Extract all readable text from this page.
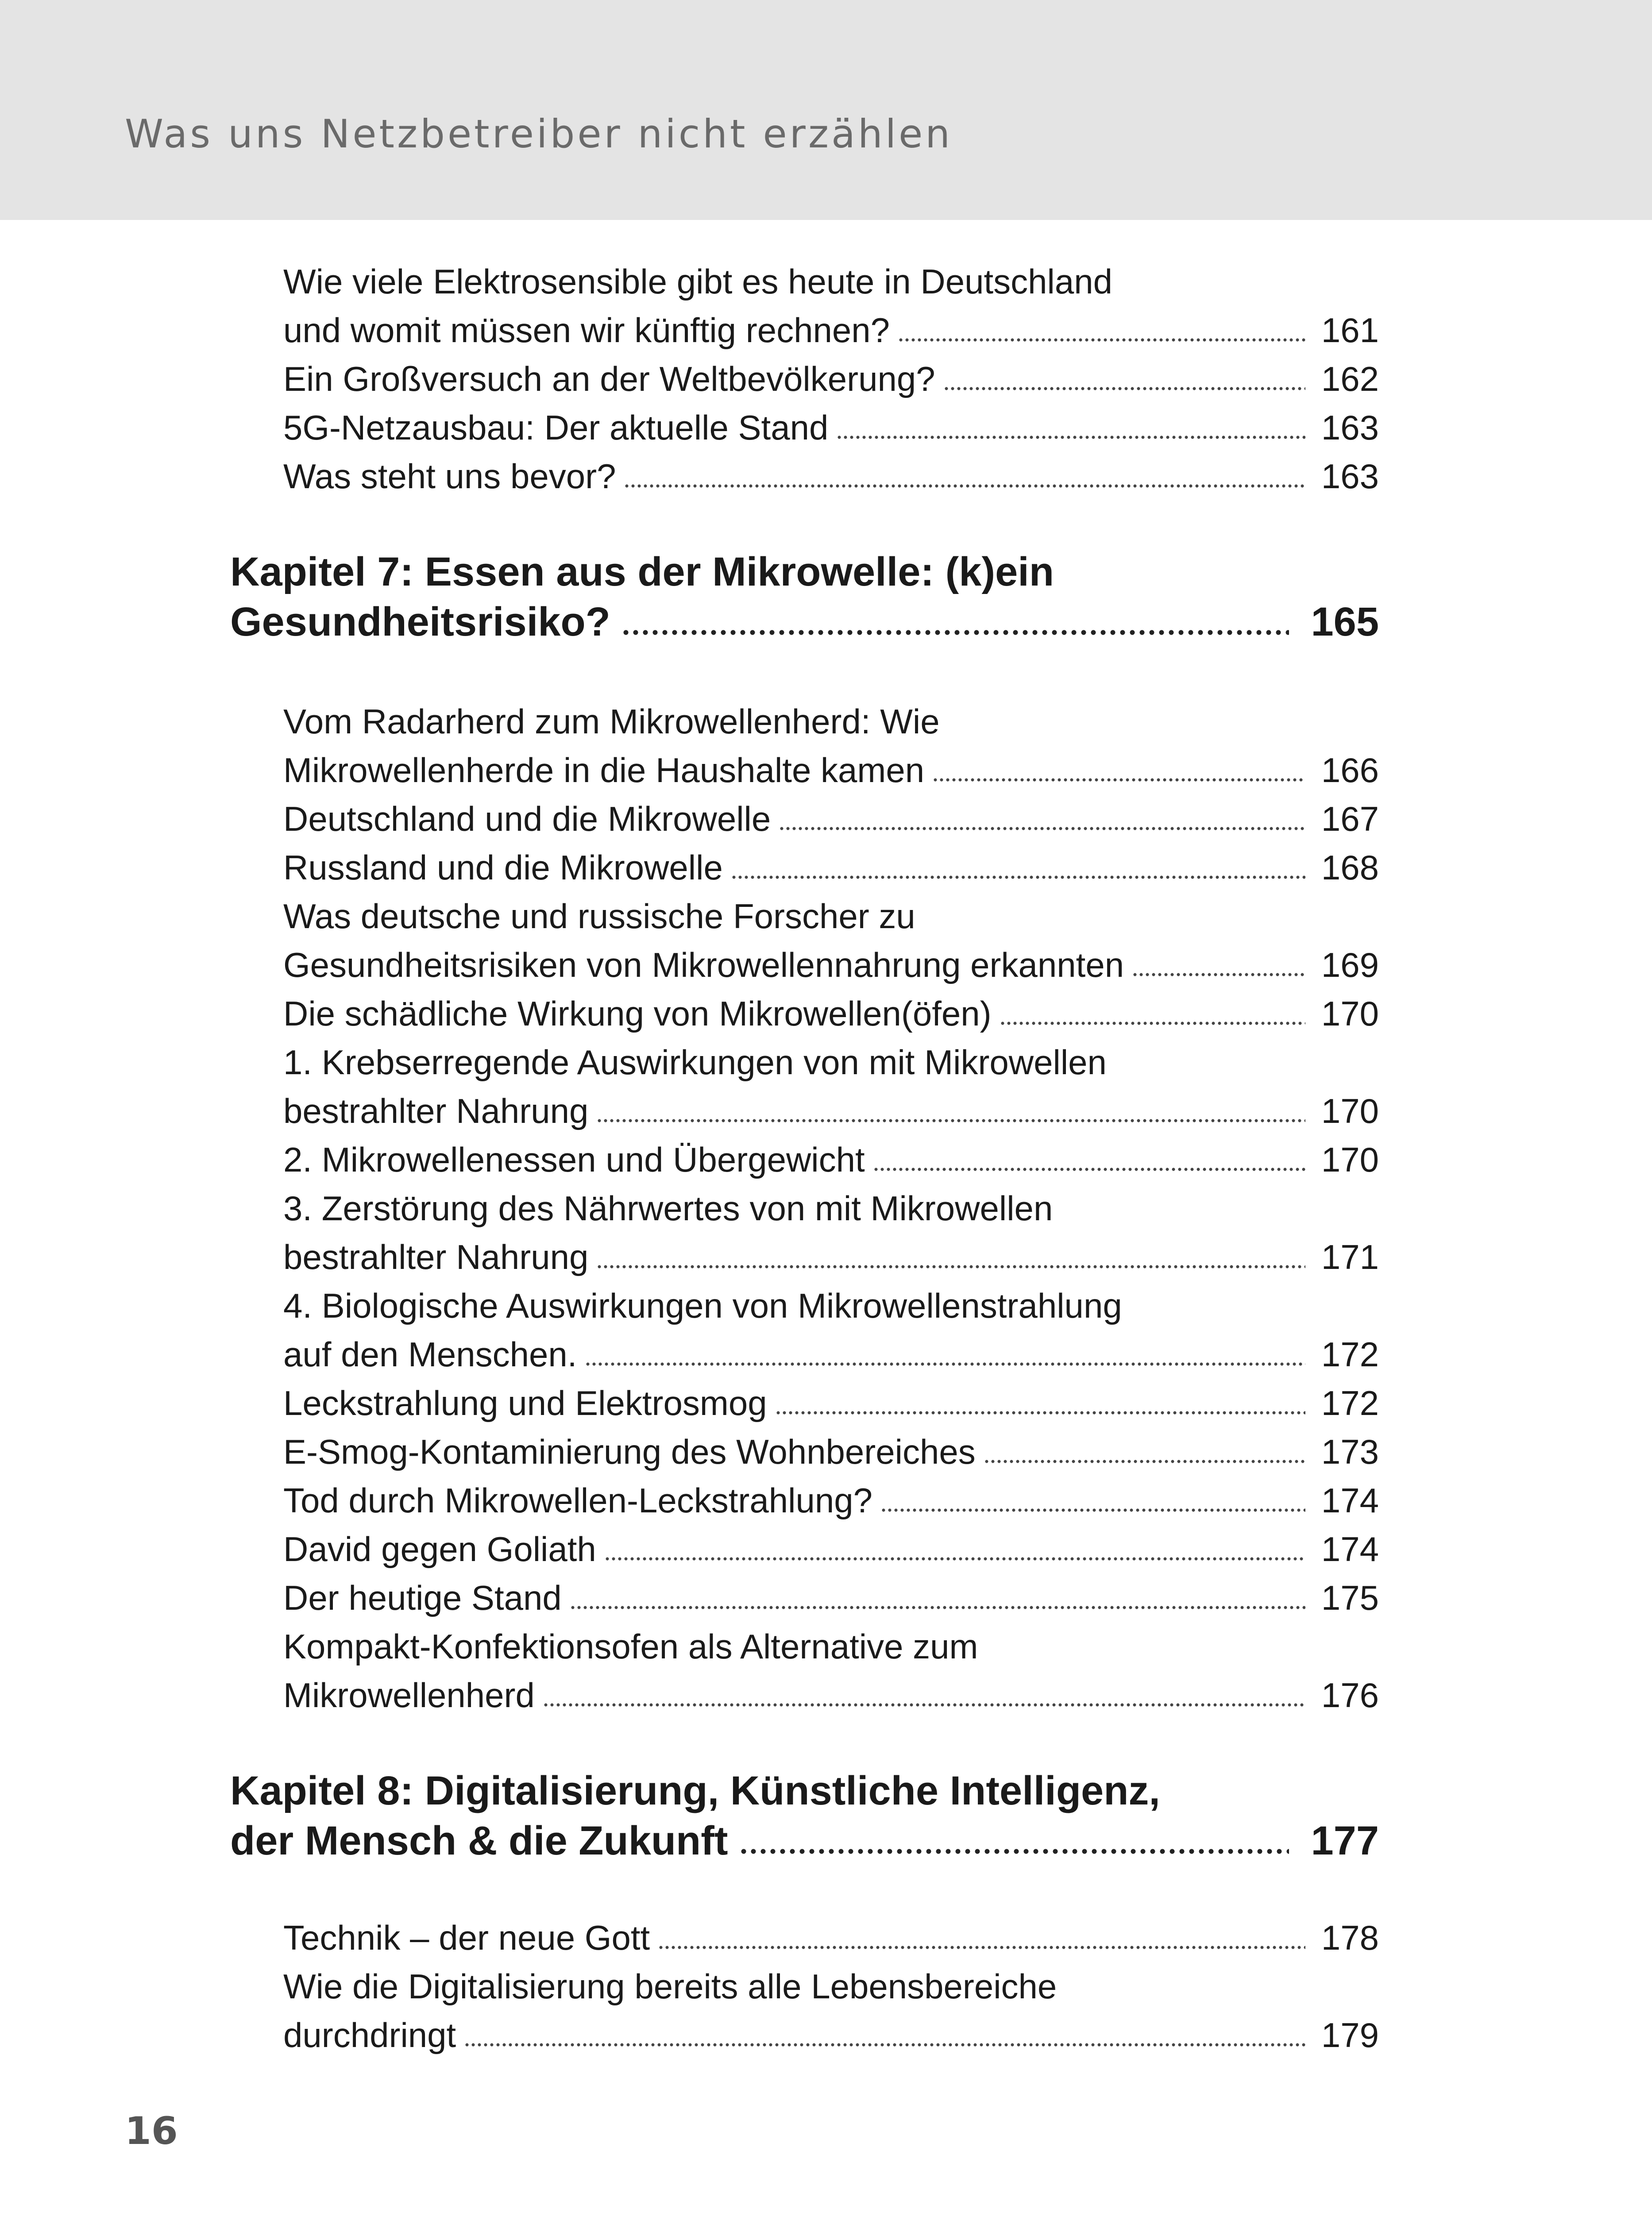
Was uns Netzbetreiber nicht erzählen
Wie viele Elektrosensible gibt es heute in Deutschland
und womit müssen wir künftig rechnen?	161
Ein Großversuch an der Weltbevölkerung?	162
5G-Netzausbau: Der aktuelle Stand	163
Was steht uns bevor?	163
Kapitel 7: Essen aus der Mikrowelle: (k)ein
Gesundheitsrisiko?	165
Vom Radarherd zum Mikrowellenherd: Wie
Mikrowellenherde in die Haushalte kamen	166
Deutschland und die Mikrowelle	167
Russland und die Mikrowelle	168
Was deutsche und russische Forscher zu
Gesundheitsrisiken von Mikrowellennahrung erkannten	169
Die schädliche Wirkung von Mikrowellen(öfen)	170
1. Krebserregende Auswirkungen von mit Mikrowellen
bestrahlter Nahrung	170
2. Mikrowellenessen und Übergewicht	170
3. Zerstörung des Nährwertes von mit Mikrowellen
bestrahlter Nahrung	171
4. Biologische Auswirkungen von Mikrowellenstrahlung
auf den Menschen.	172
Leckstrahlung und Elektrosmog	172
E-Smog-Kontaminierung des Wohnbereiches	173
Tod durch Mikrowellen-Leckstrahlung?	174
David gegen Goliath	174
Der heutige Stand	175
Kompakt-Konfektionsofen als Alternative zum
Mikrowellenherd	176
Kapitel 8: Digitalisierung, Künstliche Intelligenz,
der Mensch & die Zukunft	177
Technik – der neue Gott	178
Wie die Digitalisierung bereits alle Lebensbereiche
durchdringt	179
16
